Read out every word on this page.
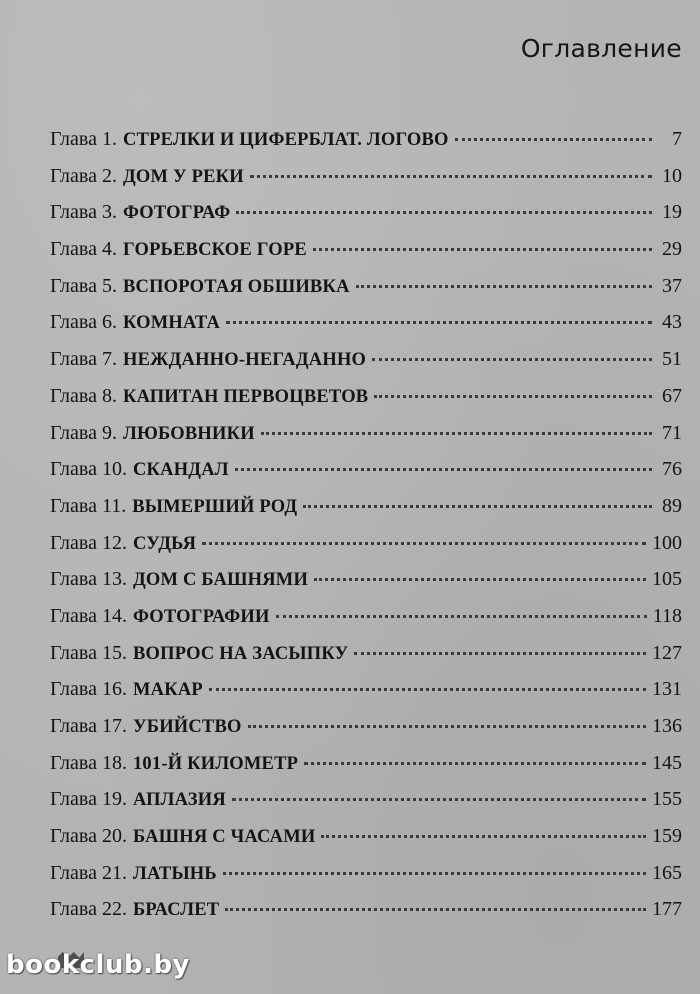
Оглавление
Глава 1. СТРЕЛКИ И ЦИФЕРБЛАТ. ЛОГОВО	7
Глава 2. ДОМ У РЕКИ	10
Глава 3. ФОТОГРАФ	19
Глава 4. ГОРЬЕВСКОЕ ГОРЕ	29
Глава 5. ВСПОРОТАЯ ОБШИВКА	37
Глава 6. КОМНАТА	43
Глава 7. НЕЖДАННО-НЕГАДАННО	51
Глава 8. КАПИТАН ПЕРВОЦВЕТОВ	67
Глава 9. ЛЮБОВНИКИ	71
Глава 10. СКАНДАЛ	76
Глава 11. ВЫМЕРШИЙ РОД	89
Глава 12. СУДЬЯ	100
Глава 13. ДОМ С БАШНЯМИ	105
Глава 14. ФОТОГРАФИИ	118
Глава 15. ВОПРОС НА ЗАСЫПКУ	127
Глава 16. МАКАР	131
Глава 17. УБИЙСТВО	136
Глава 18. 101-Й КИЛОМЕТР	145
Глава 19. АПЛАЗИЯ	155
Глава 20. БАШНЯ С ЧАСАМИ	159
Глава 21. ЛАТЫНЬ	165
Глава 22. БРАСЛЕТ	177

bookclub.by
